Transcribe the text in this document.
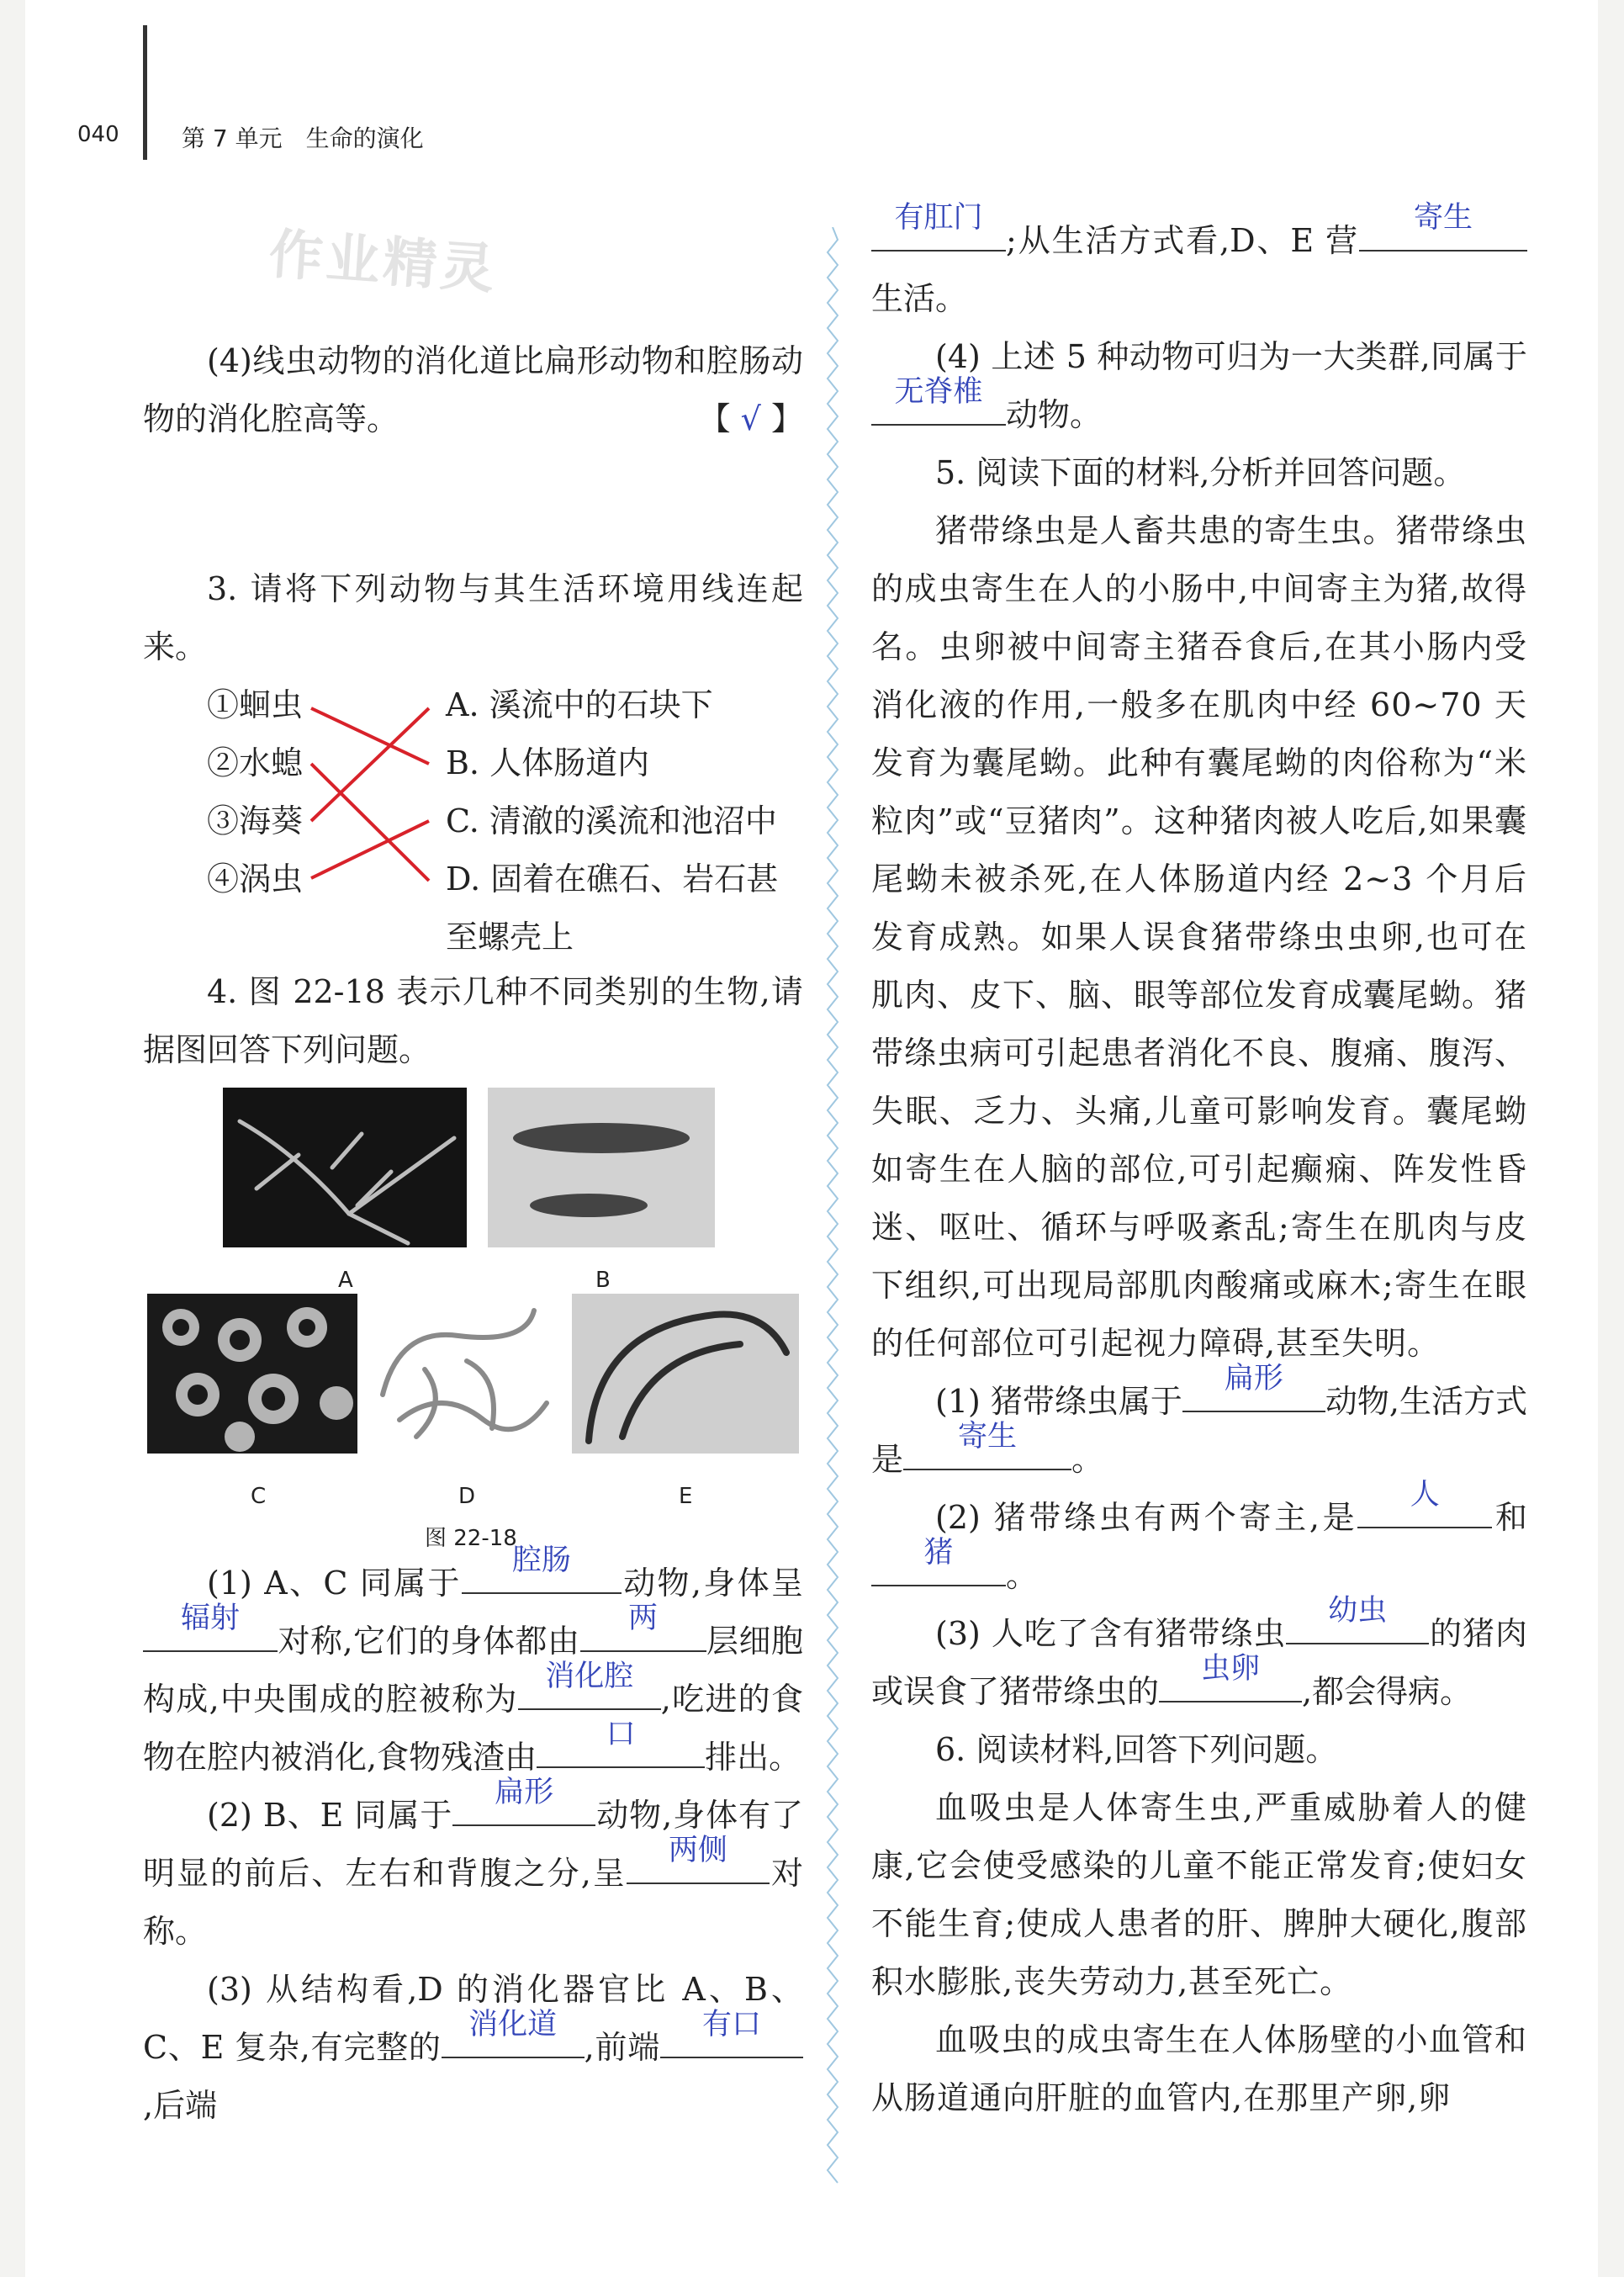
040	第 7 单元　生命的演化
作业精灵

(4)线虫动物的消化道比扁形动物和腔肠动物的消化腔高等。	【 √ 】

3. 请将下列动物与其生活环境用线连起来。

①蛔虫
②水螅
③海葵
④涡虫
A. 溪流中的石块下
B. 人体肠道内
C. 清澈的溪流和池沼中
D. 固着在礁石、岩石甚至螺壳上

4. 图 22-18 表示几种不同类别的生物,请据图回答下列问题。

A	B
C	D	E
图 22-18

(1) A、C 同属于
腔肠
动物,身体呈
辐射
对称,它们的身体都由
两
层细胞构成,中央围成的腔被称为
消化腔
,吃进的食物在腔内被消化,食物残渣由
口
排出。

(2) B、E 同属于
扁形
动物,身体有了明显的前后、左右和背腹之分,呈
两侧
对称。

(3) 从结构看,D 的消化器官比 A、B、C、E 复杂,有完整的
消化道
,前端
有口
,后端

有肛门
;从生活方式看,D、E 营
寄生
生活。

(4) 上述 5 种动物可归为一大类群,同属于
无脊椎
动物。

5. 阅读下面的材料,分析并回答问题。

猪带绦虫是人畜共患的寄生虫。猪带绦虫的成虫寄生在人的小肠中,中间寄主为猪,故得名。虫卵被中间寄主猪吞食后,在其小肠内受消化液的作用,一般多在肌肉中经 60~70 天发育为囊尾蚴。此种有囊尾蚴的肉俗称为“米粒肉”或“豆猪肉”。这种猪肉被人吃后,如果囊尾蚴未被杀死,在人体肠道内经 2~3 个月后发育成熟。如果人误食猪带绦虫虫卵,也可在肌肉、皮下、脑、眼等部位发育成囊尾蚴。猪带绦虫病可引起患者消化不良、腹痛、腹泻、失眠、乏力、头痛,儿童可影响发育。囊尾蚴如寄生在人脑的部位,可引起癫痫、阵发性昏迷、呕吐、循环与呼吸紊乱;寄生在肌肉与皮下组织,可出现局部肌肉酸痛或麻木;寄生在眼的任何部位可引起视力障碍,甚至失明。

(1) 猪带绦虫属于
扁形
动物,生活方式是
寄生
。

(2) 猪带绦虫有两个寄主,是
人
和
猪
。

(3) 人吃了含有猪带绦虫
幼虫
的猪肉或误食了猪带绦虫的
虫卵
,都会得病。

6. 阅读材料,回答下列问题。

血吸虫是人体寄生虫,严重威胁着人的健康,它会使受感染的儿童不能正常发育;使妇女不能生育;使成人患者的肝、脾肿大硬化,腹部积水膨胀,丧失劳动力,甚至死亡。

血吸虫的成虫寄生在人体肠壁的小血管和从肠道通向肝脏的血管内,在那里产卵,卵
